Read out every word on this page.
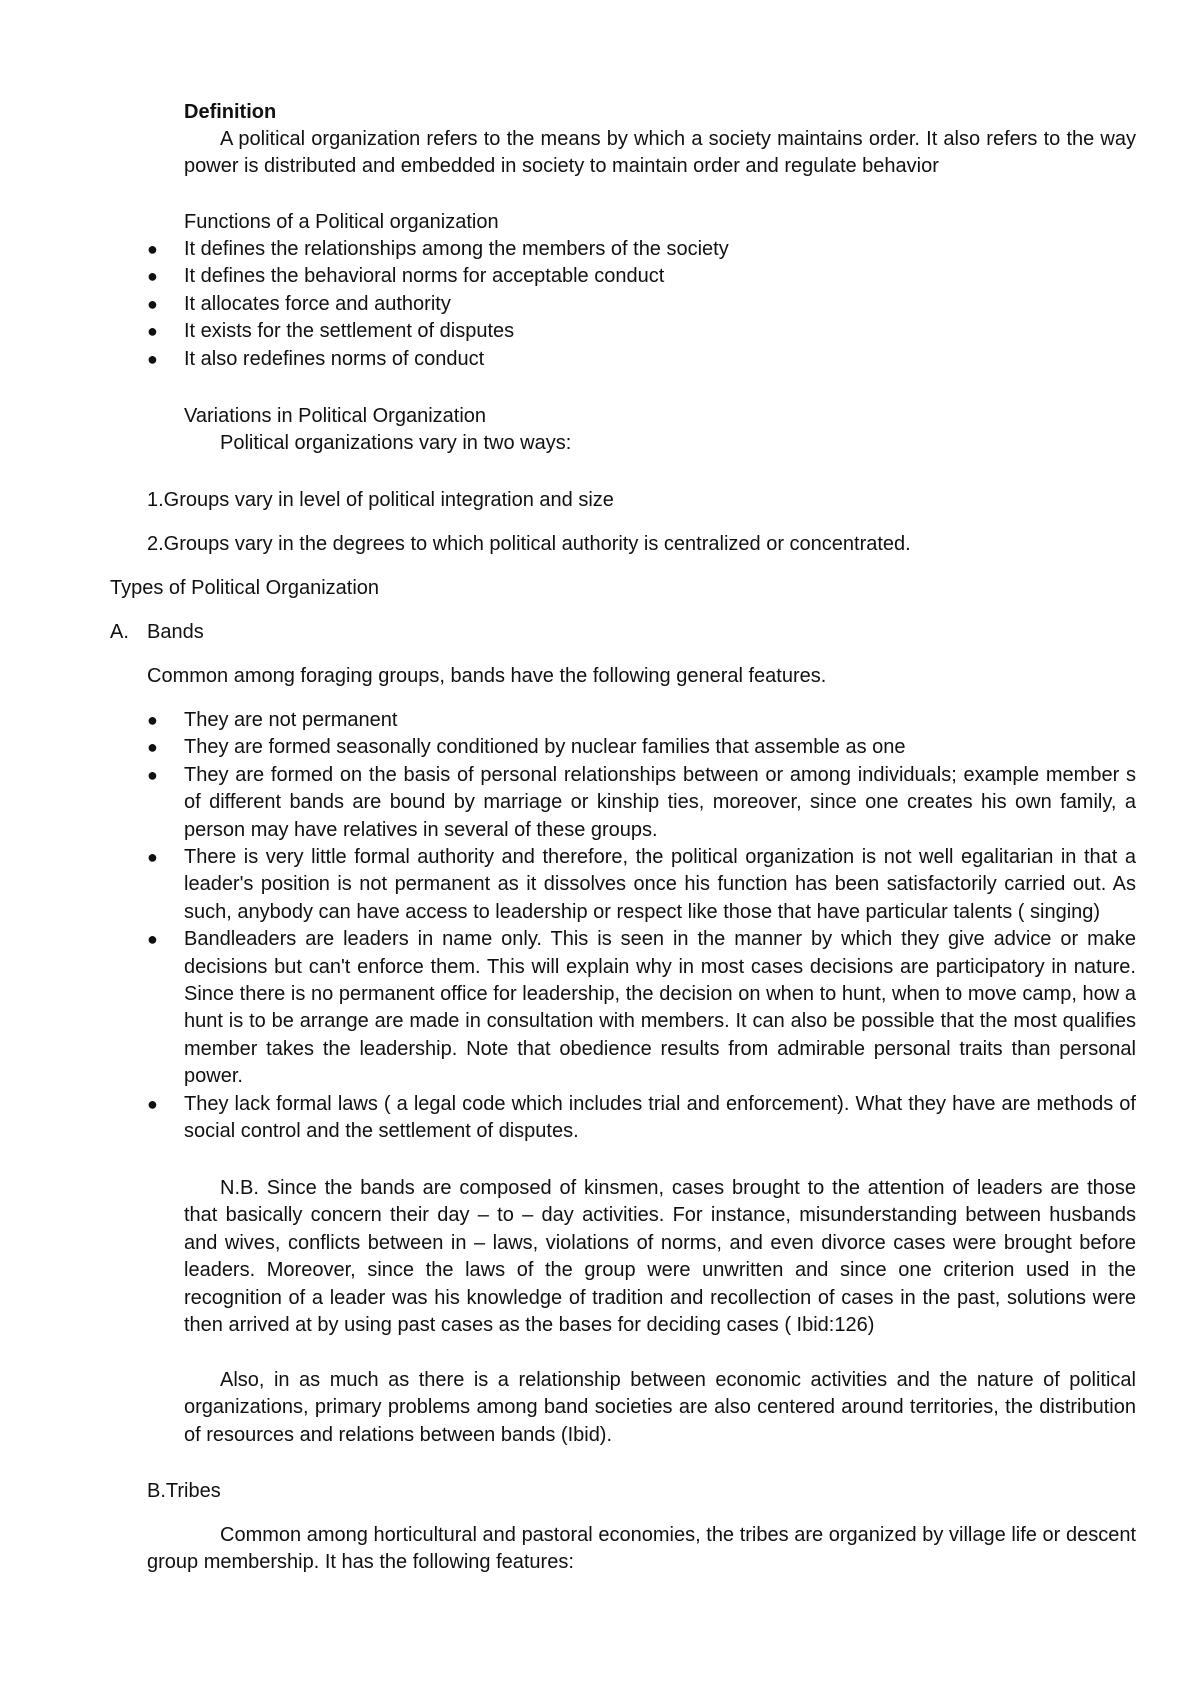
Definition
A political organization refers to the means by which a society maintains order. It also refers to the way power is distributed and embedded in society to maintain order and regulate behavior
Functions of a Political organization
● It defines the relationships among the members of the society
● It defines the behavioral norms for acceptable conduct
● It allocates force and authority
● It exists for the settlement of disputes
● It also redefines norms of conduct
Variations in Political Organization
Political organizations vary in two ways:
1.Groups vary in level of political integration and size
2.Groups vary in the degrees to which political authority is centralized or concentrated.
Types of Political Organization
A. Bands
Common among foraging groups, bands have the following general features.
● They are not permanent
● They are formed seasonally conditioned by nuclear families that assemble as one
● They are formed on the basis of personal relationships between or among individuals; example member s of different bands are bound by marriage or kinship ties, moreover, since one creates his own family, a person may have relatives in several of these groups.
● There is very little formal authority and therefore, the political organization is not well egalitarian in that a leader's position is not permanent as it dissolves once his function has been satisfactorily carried out. As such, anybody can have access to leadership or respect like those that have particular talents ( singing)
● Bandleaders are leaders in name only. This is seen in the manner by which they give advice or make decisions but can't enforce them. This will explain why in most cases decisions are participatory in nature. Since there is no permanent office for leadership, the decision on when to hunt, when to move camp, how a hunt is to be arrange are made in consultation with members. It can also be possible that the most qualifies member takes the leadership. Note that obedience results from admirable personal traits than personal power.
● They lack formal laws ( a legal code which includes trial and enforcement). What they have are methods of social control and the settlement of disputes.
N.B. Since the bands are composed of kinsmen, cases brought to the attention of leaders are those that basically concern their day – to – day activities. For instance, misunderstanding between husbands and wives, conflicts between in – laws, violations of norms, and even divorce cases were brought before leaders. Moreover, since the laws of the group were unwritten and since one criterion used in the recognition of a leader was his knowledge of tradition and recollection of cases in the past, solutions were then arrived at by using past cases as the bases for deciding cases ( Ibid:126)
Also, in as much as there is a relationship between economic activities and the nature of political organizations, primary problems among band societies are also centered around territories, the distribution of resources and relations between bands (Ibid).
B.Tribes
Common among horticultural and pastoral economies, the tribes are organized by village life or descent group membership. It has the following features:
